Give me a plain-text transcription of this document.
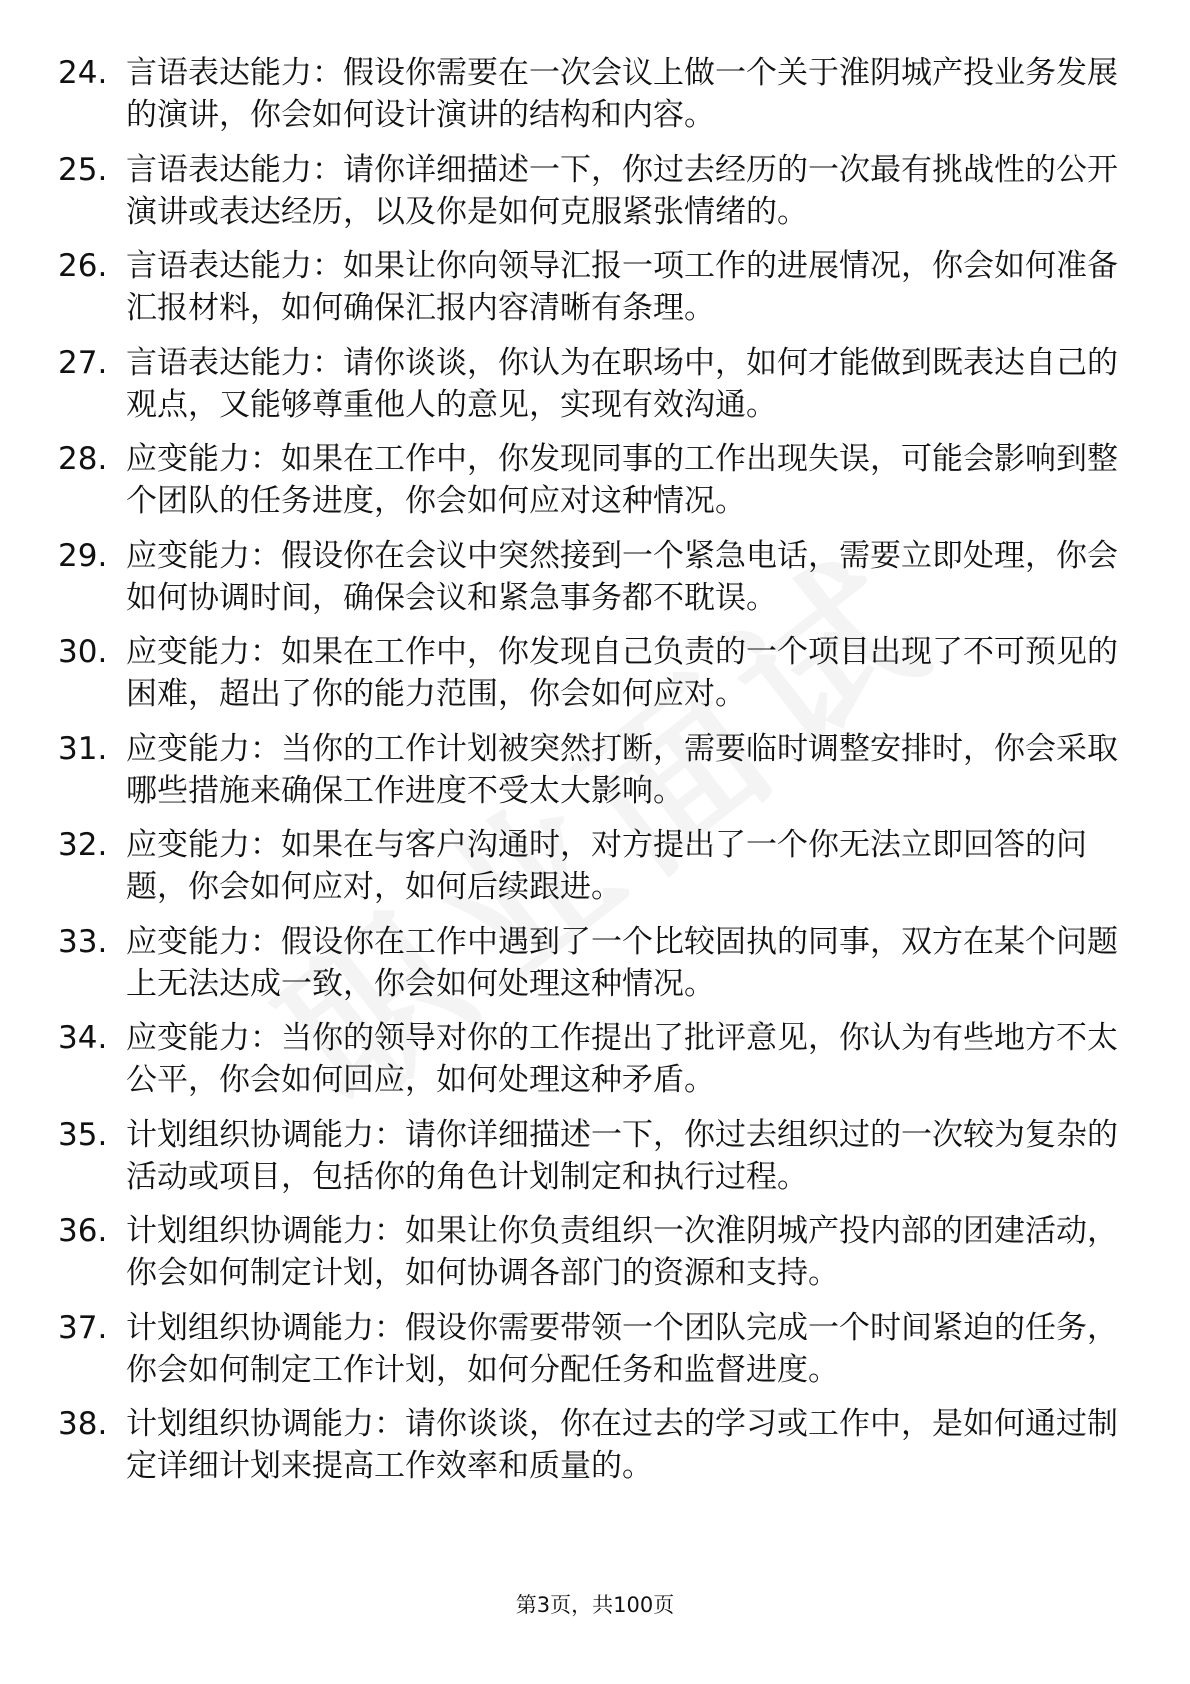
24. 言语表达能力：假设你需要在一次会议上做一个关于淮阴城产投业务发展的演讲，你会如何设计演讲的结构和内容。
25. 言语表达能力：请你详细描述一下，你过去经历的一次最有挑战性的公开演讲或表达经历，以及你是如何克服紧张情绪的。
26. 言语表达能力：如果让你向领导汇报一项工作的进展情况，你会如何准备汇报材料，如何确保汇报内容清晰有条理。
27. 言语表达能力：请你谈谈，你认为在职场中，如何才能做到既表达自己的观点，又能够尊重他人的意见，实现有效沟通。
28. 应变能力：如果在工作中，你发现同事的工作出现失误，可能会影响到整个团队的任务进度，你会如何应对这种情况。
29. 应变能力：假设你在会议中突然接到一个紧急电话，需要立即处理，你会如何协调时间，确保会议和紧急事务都不耽误。
30. 应变能力：如果在工作中，你发现自己负责的一个项目出现了不可预见的困难，超出了你的能力范围，你会如何应对。
31. 应变能力：当你的工作计划被突然打断，需要临时调整安排时，你会采取哪些措施来确保工作进度不受太大影响。
32. 应变能力：如果在与客户沟通时，对方提出了一个你无法立即回答的问题，你会如何应对，如何后续跟进。
33. 应变能力：假设你在工作中遇到了一个比较固执的同事，双方在某个问题上无法达成一致，你会如何处理这种情况。
34. 应变能力：当你的领导对你的工作提出了批评意见，你认为有些地方不太公平，你会如何回应，如何处理这种矛盾。
35. 计划组织协调能力：请你详细描述一下，你过去组织过的一次较为复杂的活动或项目，包括你的角色计划制定和执行过程。
36. 计划组织协调能力：如果让你负责组织一次淮阴城产投内部的团建活动，你会如何制定计划，如何协调各部门的资源和支持。
37. 计划组织协调能力：假设你需要带领一个团队完成一个时间紧迫的任务，你会如何制定工作计划，如何分配任务和监督进度。
38. 计划组织协调能力：请你谈谈，你在过去的学习或工作中，是如何通过制定详细计划来提高工作效率和质量的。
第3页，共100页
